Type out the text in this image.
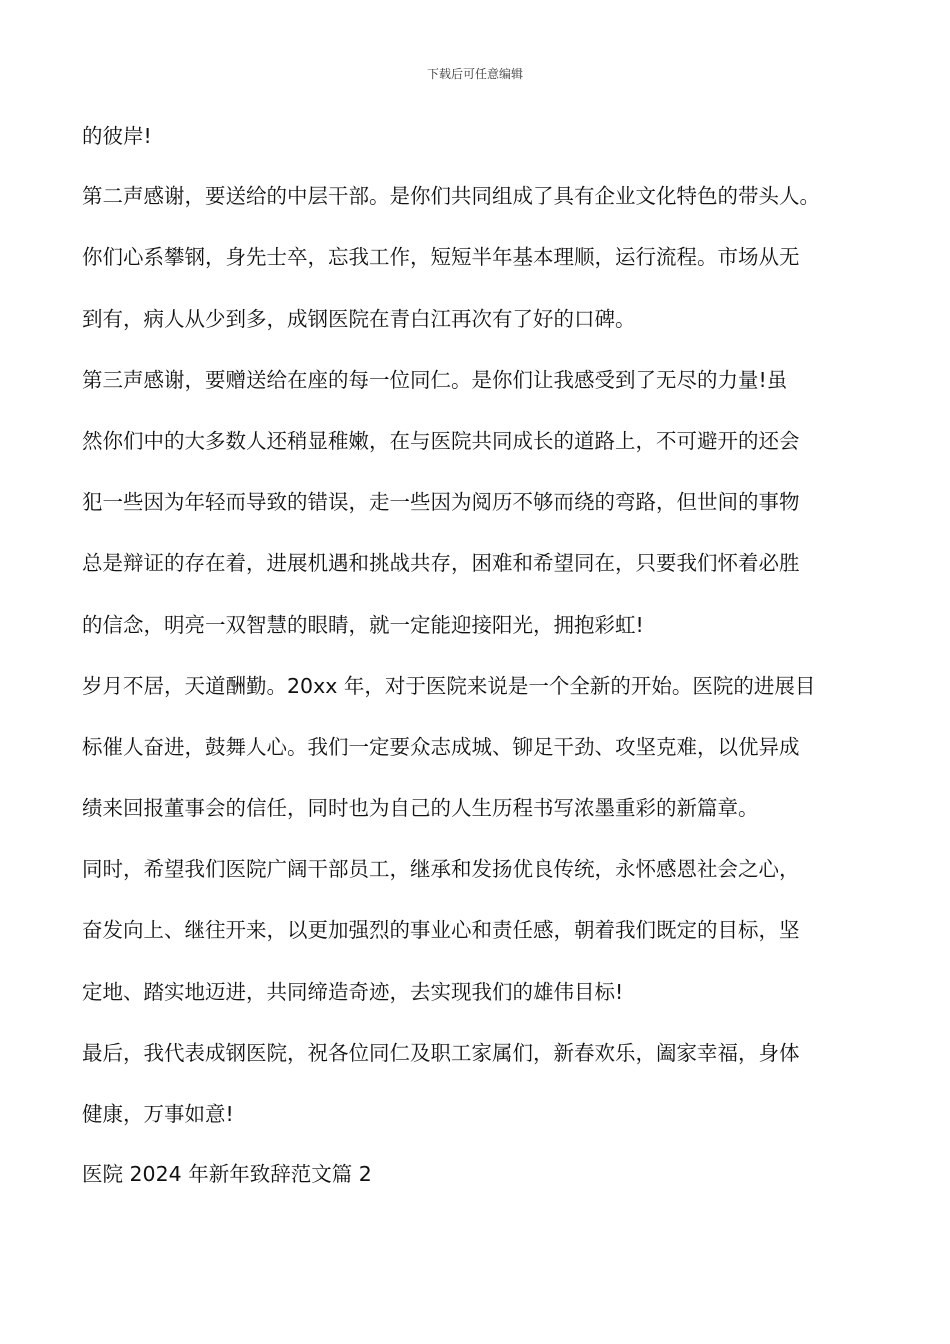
下载后可任意编辑
的彼岸!
第二声感谢，要送给的中层干部。是你们共同组成了具有企业文化特色的带头人。
你们心系攀钢，身先士卒，忘我工作，短短半年基本理顺，运行流程。市场从无
到有，病人从少到多，成钢医院在青白江再次有了好的口碑。
第三声感谢，要赠送给在座的每一位同仁。是你们让我感受到了无尽的力量!虽
然你们中的大多数人还稍显稚嫩，在与医院共同成长的道路上，不可避开的还会
犯一些因为年轻而导致的错误，走一些因为阅历不够而绕的弯路，但世间的事物
总是辩证的存在着，进展机遇和挑战共存，困难和希望同在，只要我们怀着必胜
的信念，明亮一双智慧的眼睛，就一定能迎接阳光，拥抱彩虹!
岁月不居，天道酬勤。20xx 年，对于医院来说是一个全新的开始。医院的进展目
标催人奋进，鼓舞人心。我们一定要众志成城、铆足干劲、攻坚克难，以优异成
绩来回报董事会的信任，同时也为自己的人生历程书写浓墨重彩的新篇章。
同时，希望我们医院广阔干部员工，继承和发扬优良传统，永怀感恩社会之心，
奋发向上、继往开来，以更加强烈的事业心和责任感，朝着我们既定的目标，坚
定地、踏实地迈进，共同缔造奇迹，去实现我们的雄伟目标!
最后，我代表成钢医院，祝各位同仁及职工家属们，新春欢乐，阖家幸福，身体
健康，万事如意!
医院 2024 年新年致辞范文篇 2
